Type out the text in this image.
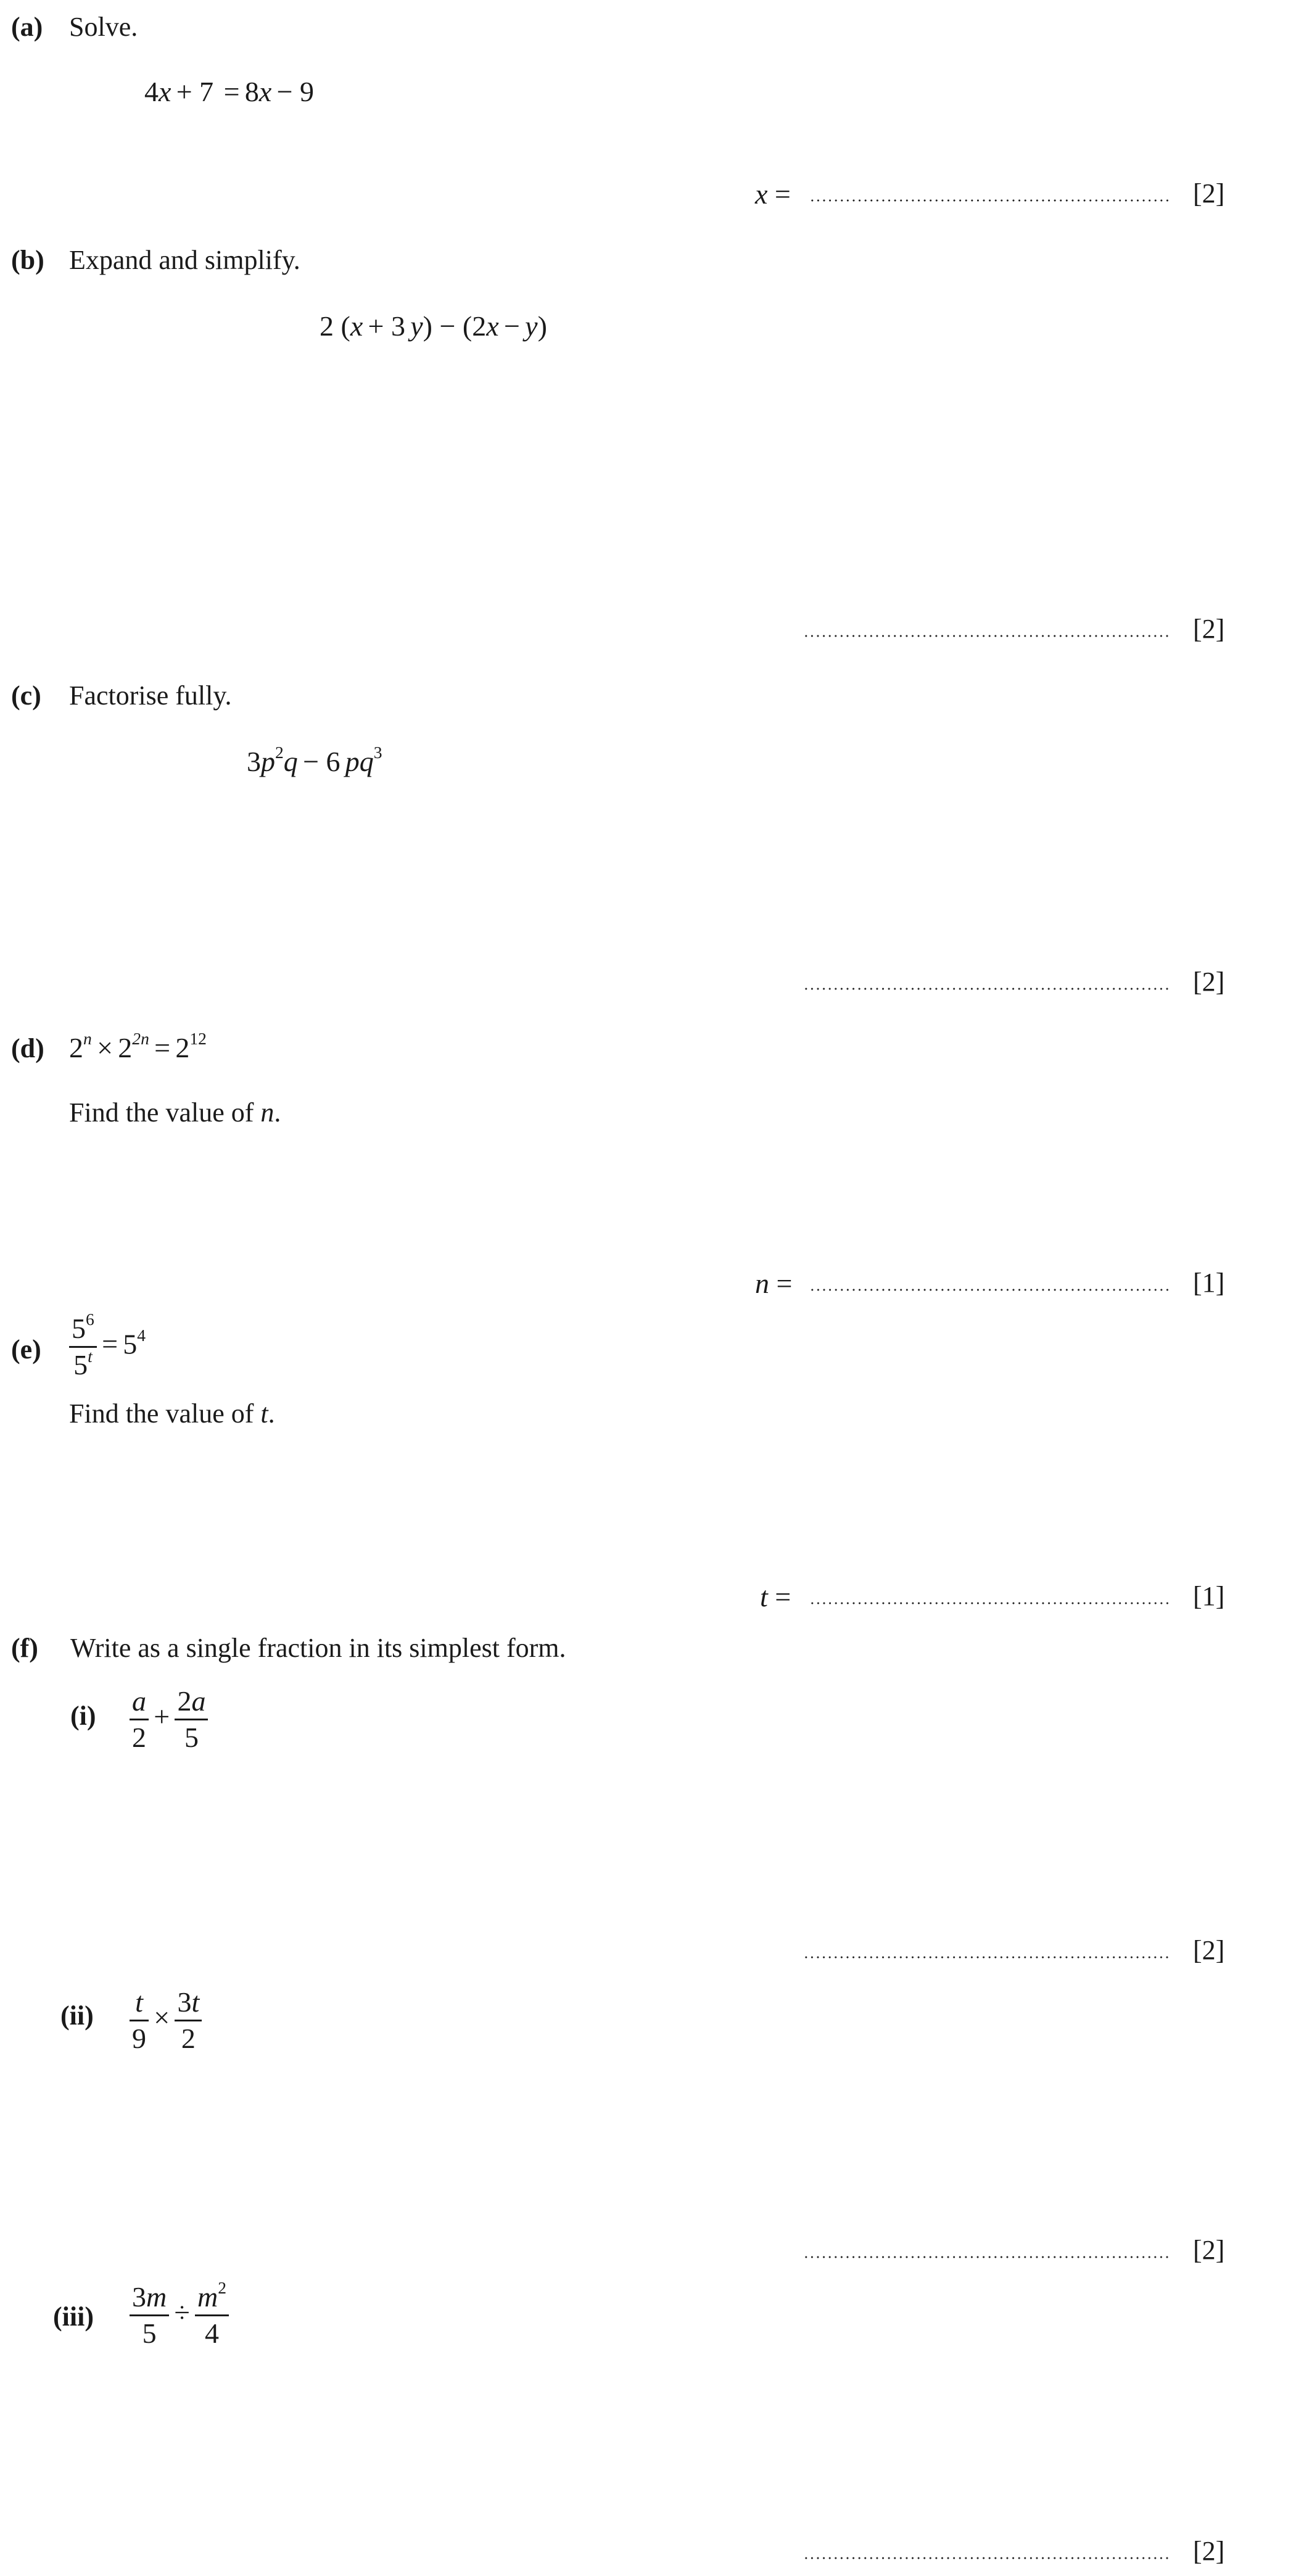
(a) Solve.
4x + 7 = 8x − 9
x =	[2]
(b) Expand and simplify.
2 (x + 3 y) − (2x − y)
[2]
(c) Factorise fully.
$3p^2q - 6$ $pq^3$
[2]
(d) $2^n \times 2^{2n} = 2^{12}$
Find the value of n.
n =	[1]
$(e) \frac{5^6}{5^t} = 5^4$
Find the value of t.
t =	[1]
(f) Write as a single fraction in its simplest form.
$(i) \frac{a}{2} + \frac{2a}{5}$
[2]
$(ii) \frac{t}{9} \times \frac{3t}{2}$
[2]
$(iii) \frac{3m}{5} \div \frac{m^2}{4}$
[2]
